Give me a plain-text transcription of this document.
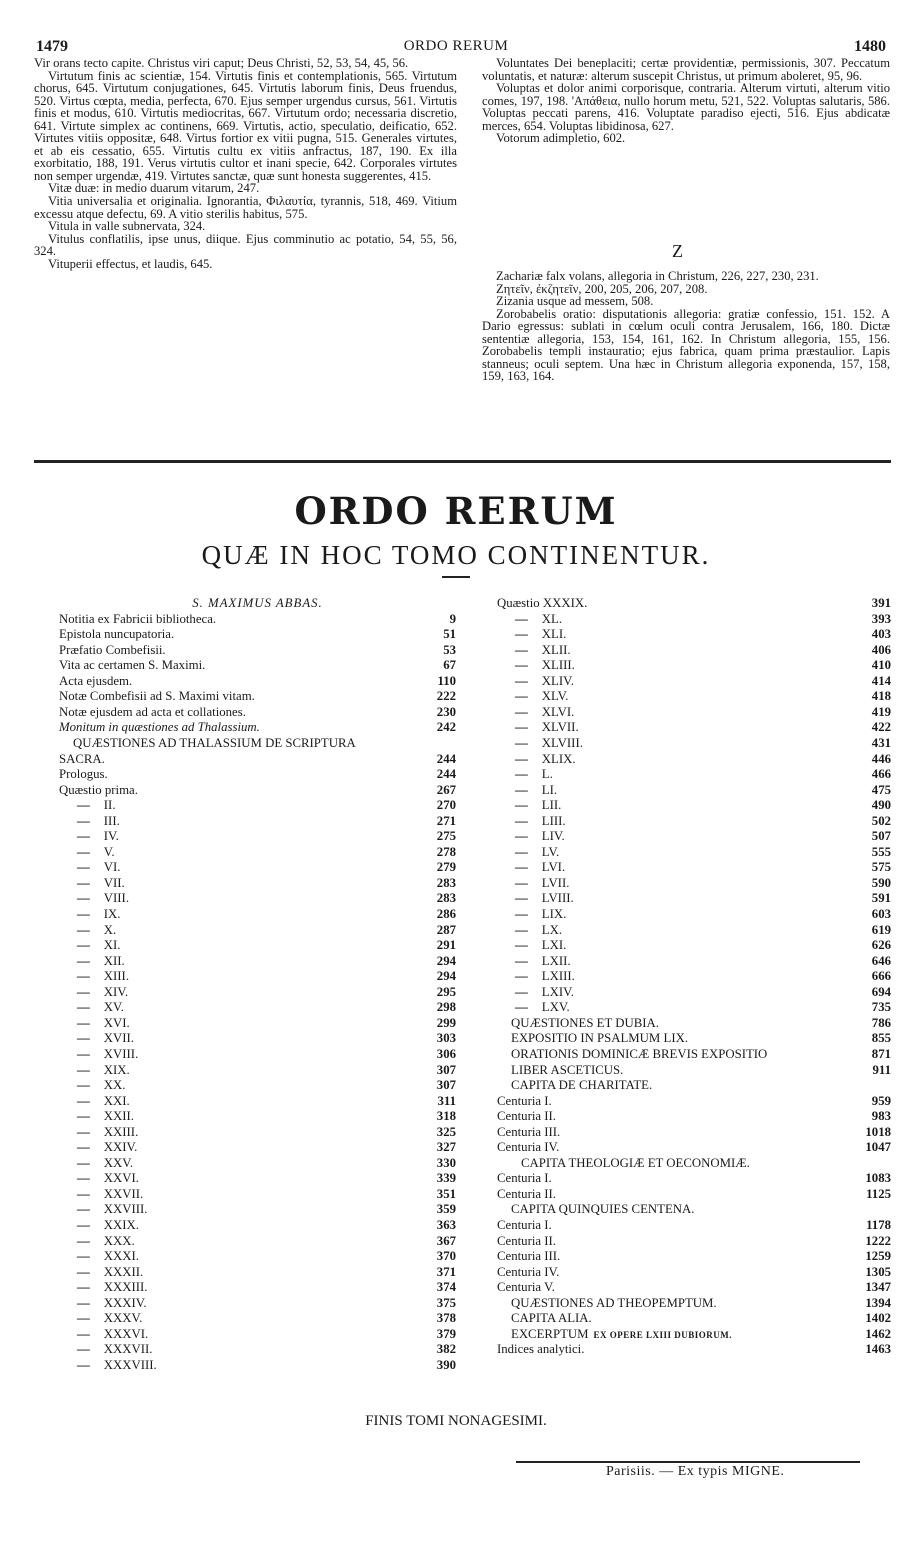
1479	ORDO RERUM	1480

Vir orans tecto capite. Christus viri caput; Deus Christi, 52, 53, 54, 45, 56.

Virtutum finis ac scientiæ, 154. Virtutis finis et contemplationis, 565. Virtutum chorus, 645. Virtutum conjugationes, 645. Virtutis laborum finis, Deus fruendus, 520. Virtus cœpta, media, perfecta, 670. Ejus semper urgendus cursus, 561. Virtutis finis et modus, 610. Virtutis mediocritas, 667. Virtutum ordo; necessaria discretio, 641. Virtute simplex ac continens, 669. Virtutis, actio, speculatio, deificatio, 652. Virtutes vitiis oppositæ, 648. Virtus fortior ex vitii pugna, 515. Generales virtutes, et ab eis cessatio, 655. Virtutis cultu ex vitiis anfractus, 187, 190. Ex illa exorbitatio, 188, 191. Verus virtutis cultor et inani specie, 642. Corporales virtutes non semper urgendæ, 419. Virtutes sanctæ, quæ sunt honesta suggerentes, 415.

Vitæ duæ: in medio duarum vitarum, 247.

Vitia universalia et originalia. Ignorantia, Φιλαυτία, tyrannis, 518, 469. Vitium excessu atque defectu, 69. A vitio sterilis habitus, 575.

Vitula in valle subnervata, 324.

Vitulus conflatilis, ipse unus, diique. Ejus comminutio ac potatio, 54, 55, 56, 324.

Vituperii effectus, et laudis, 645.

Voluntates Dei beneplaciti; certæ providentiæ, permissionis, 307. Peccatum voluntatis, et naturæ: alterum suscepit Christus, ut primum aboleret, 95, 96.

Voluptas et dolor animi corporisque, contraria. Alterum virtuti, alterum vitio comes, 197, 198. 'Απάθεια, nullo horum metu, 521, 522. Voluptas salutaris, 586. Voluptas peccati parens, 416. Voluptate paradiso ejecti, 516. Ejus abdicatæ merces, 654. Voluptas libidinosa, 627.

Votorum adimpletio, 602.

Z

Zachariæ falx volans, allegoria in Christum, 226, 227, 230, 231.

Ζητεῖν, ἐκζητεῖν, 200, 205, 206, 207, 208.

Zizania usque ad messem, 508.

Zorobabelis oratio: disputationis allegoria: gratiæ confessio, 151. 152. A Dario egressus: sublati in cœlum oculi contra Jerusalem, 166, 180. Dictæ sententiæ allegoria, 153, 154, 161, 162. In Christum allegoria, 155, 156. Zorobabelis templi instauratio; ejus fabrica, quam prima præstaulior. Lapis stanneus; oculi septem. Una hæc in Christum allegoria exponenda, 157, 158, 159, 163, 164.

ORDO RERUM
QUÆ IN HOC TOMO CONTINENTUR.
S. MAXIMUS ABBAS.
Notitia ex Fabricii bibliotheca.	9
Epistola nuncupatoria.	51
Præfatio Combefisii.	53
Vita ac certamen S. Maximi.	67
Acta ejusdem.	110
Notæ Combefisii ad S. Maximi vitam.	222
Notæ ejusdem ad acta et collationes.	230
Monitum in quæstiones ad Thalassium.	242
QUÆSTIONES AD THALASSIUM DE SCRIPTURA
SACRA.	244
Prologus.	244
Quæstio prima.	267
— II.	270
— III.	271
— IV.	275
— V.	278
— VI.	279
— VII.	283
— VIII.	283
— IX.	286
— X.	287
— XI.	291
— XII.	294
— XIII.	294
— XIV.	295
— XV.	298
— XVI.	299
— XVII.	303
— XVIII.	306
— XIX.	307
— XX.	307
— XXI.	311
— XXII.	318
— XXIII.	325
— XXIV.	327
— XXV.	330
— XXVI.	339
— XXVII.	351
— XXVIII.	359
— XXIX.	363
— XXX.	367
— XXXI.	370
— XXXII.	371
— XXXIII.	374
— XXXIV.	375
— XXXV.	378
— XXXVI.	379
— XXXVII.	382
— XXXVIII.	390
Quæstio XXXIX.	391
— XL.	393
— XLI.	403
— XLII.	406
— XLIII.	410
— XLIV.	414
— XLV.	418
— XLVI.	419
— XLVII.	422
— XLVIII.	431
— XLIX.	446
— L.	466
— LI.	475
— LII.	490
— LIII.	502
— LIV.	507
— LV.	555
— LVI.	575
— LVII.	590
— LVIII.	591
— LIX.	603
— LX.	619
— LXI.	626
— LXII.	646
— LXIII.	666
— LXIV.	694
— LXV.	735
QUÆSTIONES ET DUBIA.	786
EXPOSITIO IN PSALMUM LIX.	855
ORATIONIS DOMINICÆ BREVIS EXPOSITIO	871
LIBER ASCETICUS.	911
CAPITA DE CHARITATE.
Centuria I.	959
Centuria II.	983
Centuria III.	1018
Centuria IV.	1047
CAPITA THEOLOGIÆ ET OECONOMIÆ.
Centuria I.	1083
Centuria II.	1125
CAPITA QUINQUIES CENTENA.
Centuria I.	1178
Centuria II.	1222
Centuria III.	1259
Centuria IV.	1305
Centuria V.	1347
QUÆSTIONES AD THEOPEMPTUM.	1394
CAPITA ALIA.	1402
EXCERPTUM EX OPERE LXIII DUBIORUM.	1462
Indices analytici.	1463
FINIS TOMI NONAGESIMI.
Parisiis. — Ex typis MIGNE.
